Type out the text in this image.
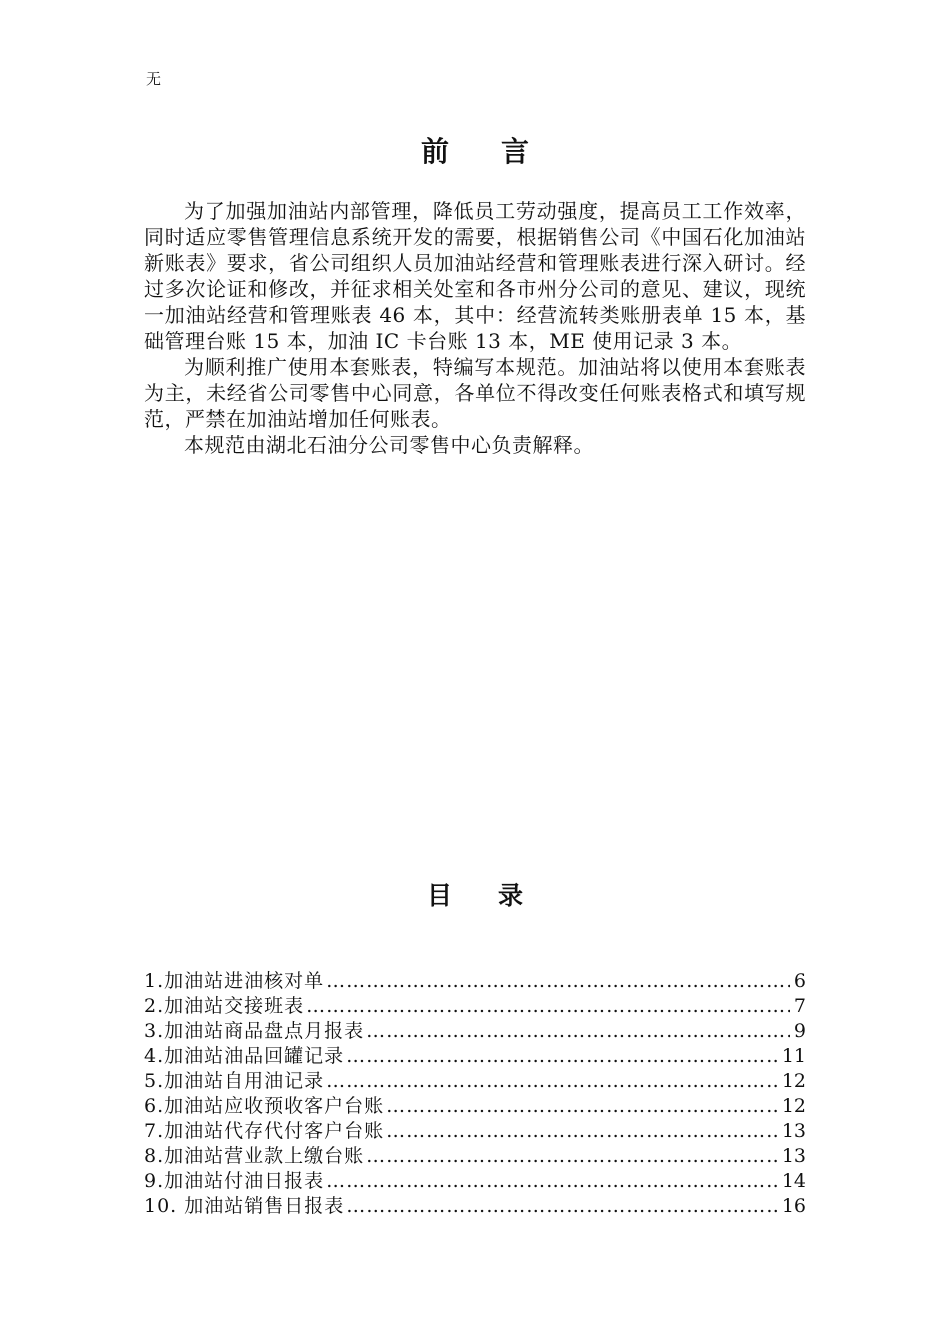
无
前言

为了加强加油站内部管理，降低员工劳动强度，提高员工工作效率，同时适应零售管理信息系统开发的需要，根据销售公司《中国石化加油站新账表》要求，省公司组织人员加油站经营和管理账表进行深入研讨。经过多次论证和修改，并征求相关处室和各市州分公司的意见、建议，现统一加油站经营和管理账表 46 本，其中：经营流转类账册表单 15 本，基础管理台账 15 本，加油 IC 卡台账 13 本，ME 使用记录 3 本。

为顺利推广使用本套账表，特编写本规范。加油站将以使用本套账表为主，未经省公司零售中心同意，各单位不得改变任何账表格式和填写规范，严禁在加油站增加任何账表。

本规范由湖北石油分公司零售中心负责解释。

目录
1.加油站进油核对单 …………………………………………………………………………………………………………………………………………	6
2.加油站交接班表 …………………………………………………………………………………………………………………………………………	7
3.加油站商品盘点月报表 …………………………………………………………………………………………………………………………………………	9
4.加油站油品回罐记录 …………………………………………………………………………………………………………………………………………	11
5.加油站自用油记录 …………………………………………………………………………………………………………………………………………	12
6.加油站应收预收客户台账 …………………………………………………………………………………………………………………………………………	12
7.加油站代存代付客户台账 …………………………………………………………………………………………………………………………………………	13
8.加油站营业款上缴台账 …………………………………………………………………………………………………………………………………………	13
9.加油站付油日报表 …………………………………………………………………………………………………………………………………………	14
10. 加油站销售日报表 …………………………………………………………………………………………………………………………………………	16
